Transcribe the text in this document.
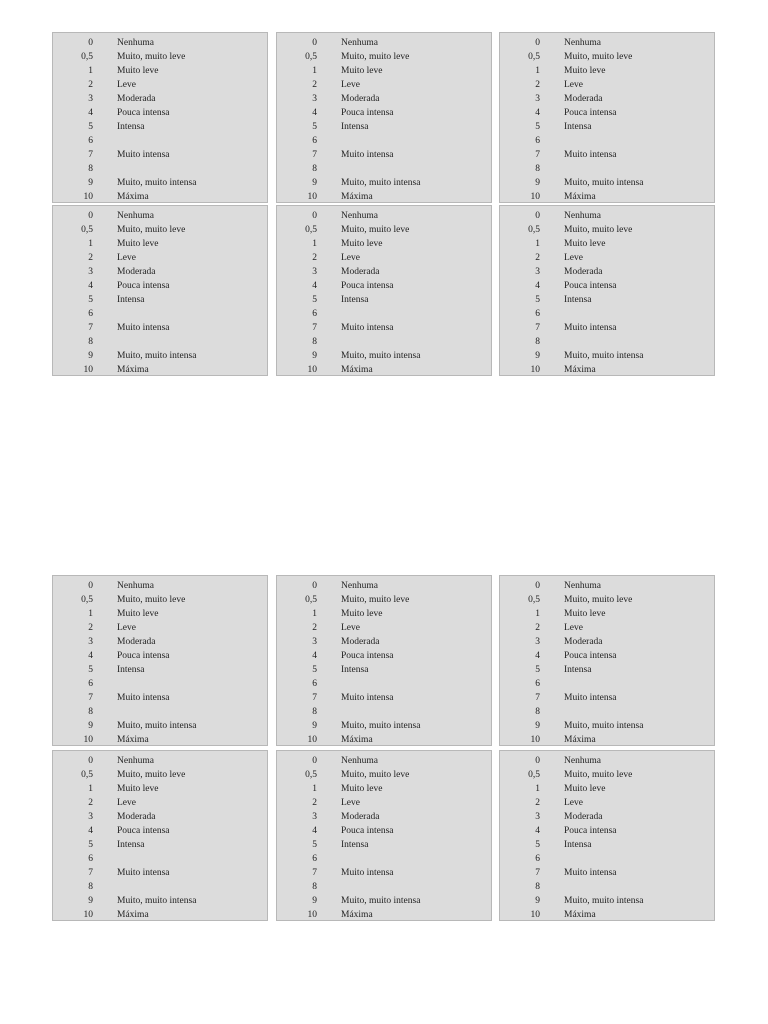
0	Nenhuma
0,5	Muito, muito leve
1	Muito leve
2	Leve
3	Moderada
4	Pouca intensa
5	Intensa
6
7	Muito intensa
8
9	Muito, muito intensa
10	Máxima
0	Nenhuma
0,5	Muito, muito leve
1	Muito leve
2	Leve
3	Moderada
4	Pouca intensa
5	Intensa
6
7	Muito intensa
8
9	Muito, muito intensa
10	Máxima
0	Nenhuma
0,5	Muito, muito leve
1	Muito leve
2	Leve
3	Moderada
4	Pouca intensa
5	Intensa
6
7	Muito intensa
8
9	Muito, muito intensa
10	Máxima
0	Nenhuma
0,5	Muito, muito leve
1	Muito leve
2	Leve
3	Moderada
4	Pouca intensa
5	Intensa
6
7	Muito intensa
8
9	Muito, muito intensa
10	Máxima
0	Nenhuma
0,5	Muito, muito leve
1	Muito leve
2	Leve
3	Moderada
4	Pouca intensa
5	Intensa
6
7	Muito intensa
8
9	Muito, muito intensa
10	Máxima
0	Nenhuma
0,5	Muito, muito leve
1	Muito leve
2	Leve
3	Moderada
4	Pouca intensa
5	Intensa
6
7	Muito intensa
8
9	Muito, muito intensa
10	Máxima
0	Nenhuma
0,5	Muito, muito leve
1	Muito leve
2	Leve
3	Moderada
4	Pouca intensa
5	Intensa
6
7	Muito intensa
8
9	Muito, muito intensa
10	Máxima
0	Nenhuma
0,5	Muito, muito leve
1	Muito leve
2	Leve
3	Moderada
4	Pouca intensa
5	Intensa
6
7	Muito intensa
8
9	Muito, muito intensa
10	Máxima
0	Nenhuma
0,5	Muito, muito leve
1	Muito leve
2	Leve
3	Moderada
4	Pouca intensa
5	Intensa
6
7	Muito intensa
8
9	Muito, muito intensa
10	Máxima
0	Nenhuma
0,5	Muito, muito leve
1	Muito leve
2	Leve
3	Moderada
4	Pouca intensa
5	Intensa
6
7	Muito intensa
8
9	Muito, muito intensa
10	Máxima
0	Nenhuma
0,5	Muito, muito leve
1	Muito leve
2	Leve
3	Moderada
4	Pouca intensa
5	Intensa
6
7	Muito intensa
8
9	Muito, muito intensa
10	Máxima
0	Nenhuma
0,5	Muito, muito leve
1	Muito leve
2	Leve
3	Moderada
4	Pouca intensa
5	Intensa
6
7	Muito intensa
8
9	Muito, muito intensa
10	Máxima
